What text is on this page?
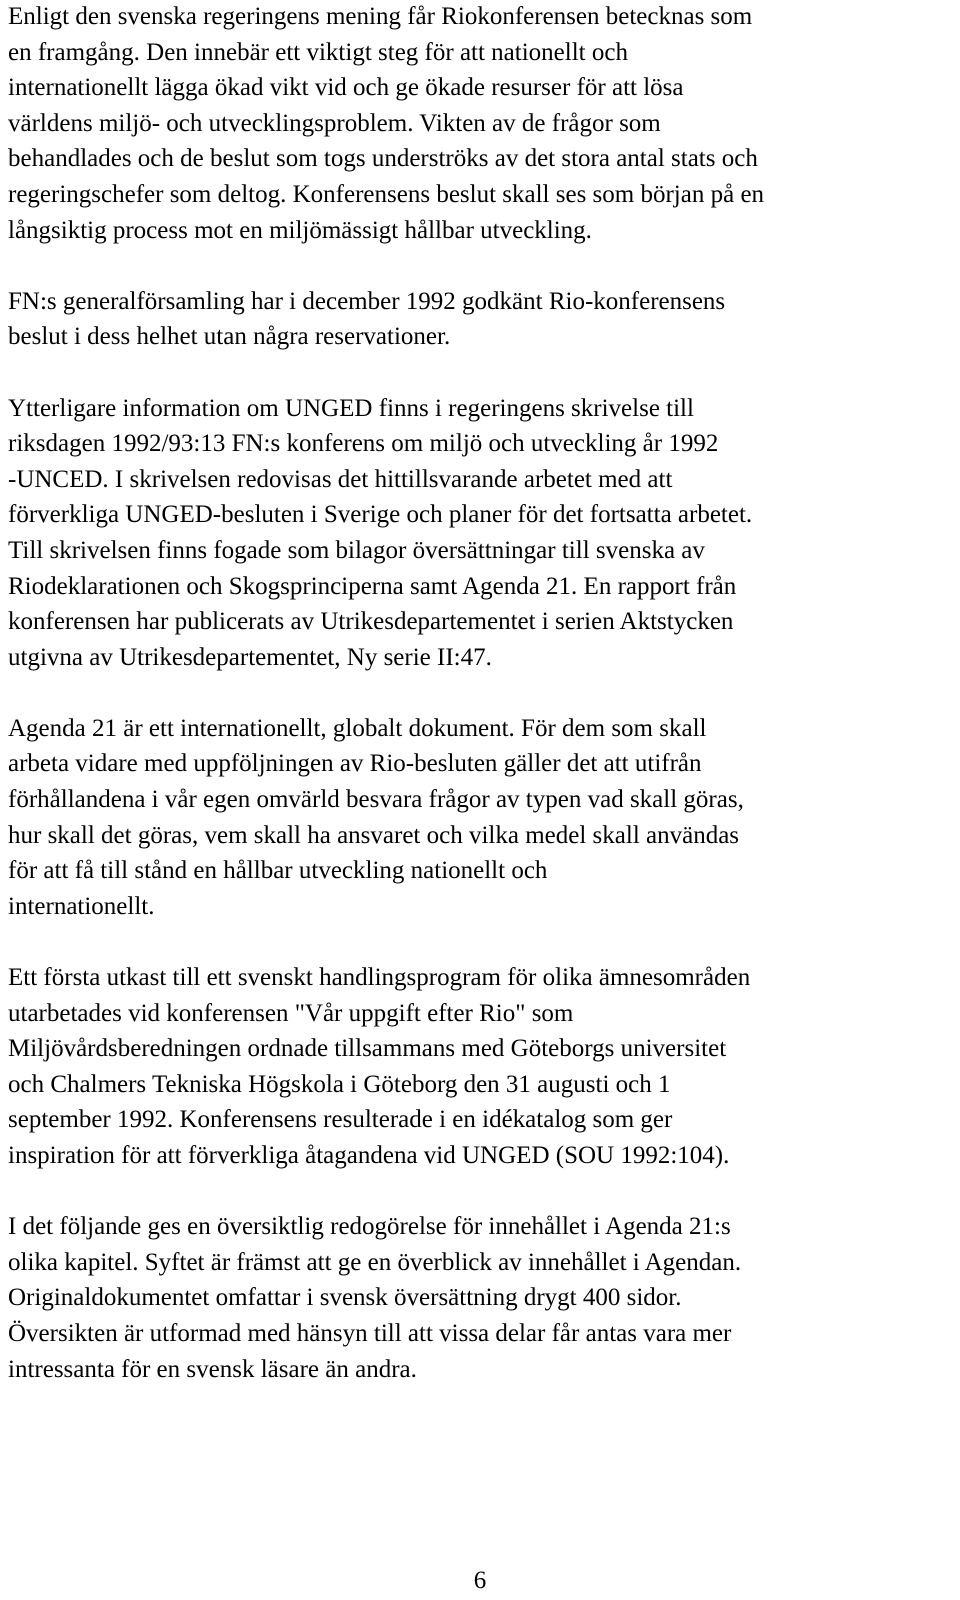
Enligt den svenska regeringens mening får Riokonferensen betecknas som
en framgång. Den innebär ett viktigt steg för att nationellt och
internationellt lägga ökad vikt vid och ge ökade resurser för att lösa
världens miljö- och utvecklingsproblem. Vikten av de frågor som
behandlades och de beslut som togs underströks av det stora antal stats och
regeringschefer som deltog. Konferensens beslut skall ses som början på en
långsiktig process mot en miljömässigt hållbar utveckling.

FN:s generalförsamling har i december 1992 godkänt Rio-konferensens
beslut i dess helhet utan några reservationer.

Ytterligare information om UNGED finns i regeringens skrivelse till
riksdagen 1992/93:13 FN:s konferens om miljö och utveckling år 1992
-UNCED. I skrivelsen redovisas det hittillsvarande arbetet med att
förverkliga UNGED-besluten i Sverige och planer för det fortsatta arbetet.
Till skrivelsen finns fogade som bilagor översättningar till svenska av
Riodeklarationen och Skogsprinciperna samt Agenda 21. En rapport från
konferensen har publicerats av Utrikesdepartementet i serien Aktstycken
utgivna av Utrikesdepartementet, Ny serie II:47.

Agenda 21 är ett internationellt, globalt dokument. För dem som skall
arbeta vidare med uppföljningen av Rio-besluten gäller det att utifrån
förhållandena i vår egen omvärld besvara frågor av typen vad skall göras,
hur skall det göras, vem skall ha ansvaret och vilka medel skall användas
för att få till stånd en hållbar utveckling nationellt och
internationellt.

Ett första utkast till ett svenskt handlingsprogram för olika ämnesområden
utarbetades vid konferensen "Vår uppgift efter Rio" som
Miljövårdsberedningen ordnade tillsammans med Göteborgs universitet
och Chalmers Tekniska Högskola i Göteborg den 31 augusti och 1
september 1992. Konferensens resulterade i en idékatalog som ger
inspiration för att förverkliga åtagandena vid UNGED (SOU 1992:104).

I det följande ges en översiktlig redogörelse för innehållet i Agenda 21:s
olika kapitel. Syftet är främst att ge en överblick av innehållet i Agendan.
Originaldokumentet omfattar i svensk översättning drygt 400 sidor.
Översikten är utformad med hänsyn till att vissa delar får antas vara mer
intressanta för en svensk läsare än andra.

6
